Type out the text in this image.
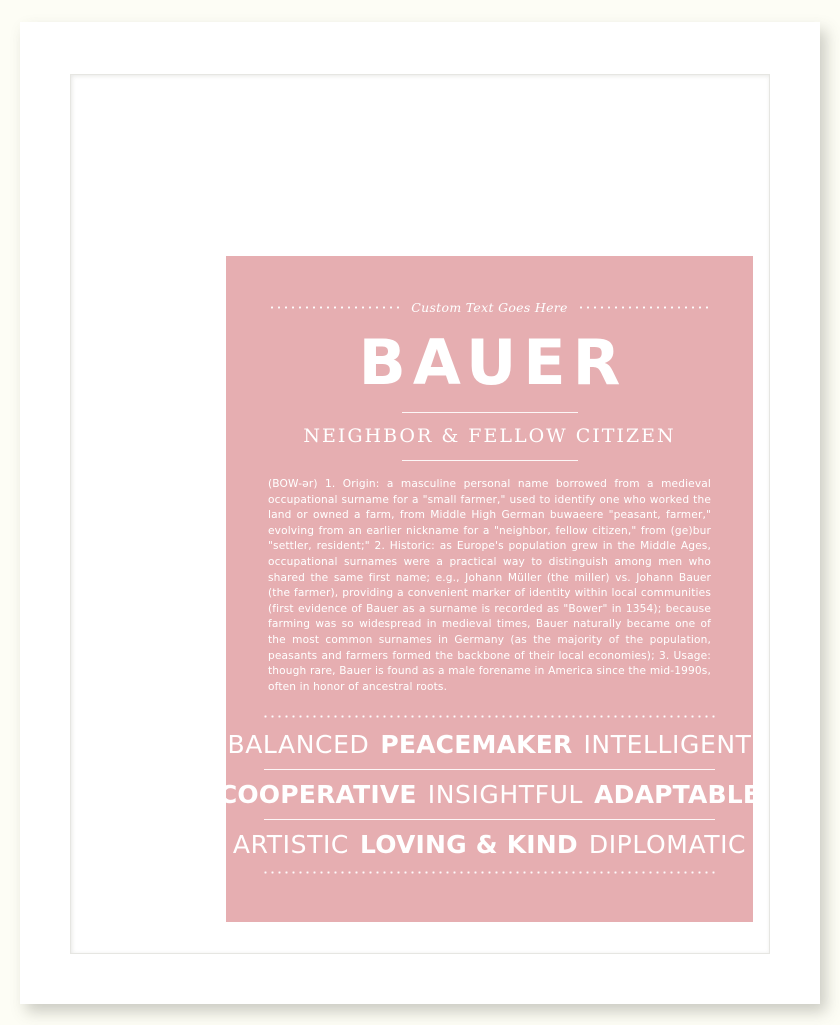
Custom Text Goes Here
BAUER
NEIGHBOR & FELLOW CITIZEN
(BOW-ər) 1. Origin: a masculine personal name borrowed from a medieval occupational surname for a "small farmer," used to identify one who worked the land or owned a farm, from Middle High German buwaeere "peasant, farmer," evolving from an earlier nickname for a "neighbor, fellow citizen," from (ge)bur "settler, resident;" 2. Historic: as Europe's population grew in the Middle Ages, occupational surnames were a practical way to distinguish among men who shared the same first name; e.g., Johann Müller (the miller) vs. Johann Bauer (the farmer), providing a convenient marker of identity within local communities (first evidence of Bauer as a surname is recorded as "Bower" in 1354); because farming was so widespread in medieval times, Bauer naturally became one of the most common surnames in Germany (as the majority of the population, peasants and farmers formed the backbone of their local economies); 3. Usage: though rare, Bauer is found as a male forename in America since the mid-1990s, often in honor of ancestral roots.
BALANCED PEACEMAKER INTELLIGENT
COOPERATIVE INSIGHTFUL ADAPTABLE
ARTISTIC LOVING & KIND DIPLOMATIC
